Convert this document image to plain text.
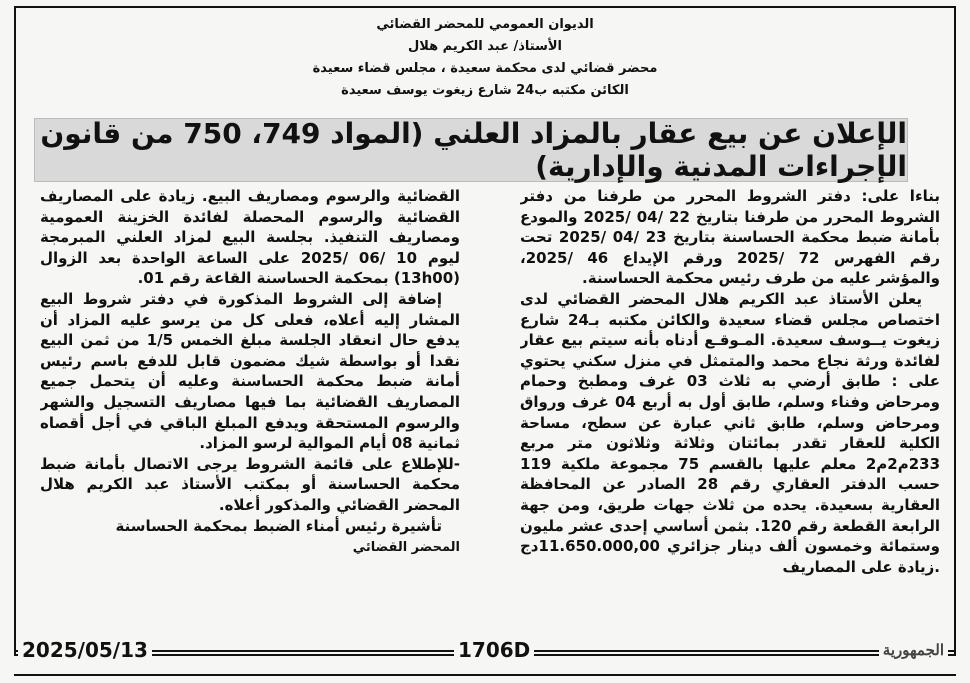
الديوان العمومي للمحضر القضائي
الأستاذ/ عبد الكريم هلال
محضر قضائي لدى محكمة سعيدة ، مجلس قضاء سعيدة
الكائن مكتبه ب24 شارع زيغوت يوسف سعيدة
الإعلان عن بيع عقار بالمزاد العلني (المواد 749، 750 من قانون الإجراءات المدنية والإدارية)

بناءا على: دفتر الشروط المحرر من طرفنا من دفتر الشروط المحرر من طرفنا بتاريخ 22 /04 /2025 والمودع بأمانة ضبط محكمة الحساسنة بتاريخ 23 /04 /2025 تحت رقم الفهرس 72 /2025 ورقم الإيداع 46 /2025، والمؤشر عليه من طرف رئيس محكمة الحساسنة.

يعلن الأستاذ عبد الكريم هلال المحضر القضائي لدى اختصاص مجلس قضاء سعيدة والكائن مكتبه بـ24 شارع زيغوت يــوسف سعيدة. المـوقـع أدناه بأنه سيتم بيع عقار لفائدة ورثة نجاع محمد والمتمثل في منزل سكني يحتوي على : طابق أرضي به ثلاث 03 غرف ومطبخ وحمام ومرحاض وفناء وسلم، طابق أول به أربع 04 غرف ورواق ومرحاض وسلم، طابق ثاني عبارة عن سطح، مساحة الكلية للعقار تقدر بمائتان وثلاثة وثلاثون متر مربع 233م2م2 معلم عليها بالقسم 75 مجموعة ملكية 119 حسب الدفتر العقاري رقم 28 الصادر عن المحافظة العقارية بسعيدة. يحده من ثلاث جهات طريق، ومن جهة الرابعة القطعة رقم 120. بثمن أساسي إحدى عشر مليون وستمائة وخمسون ألف دينار جزائري 11.650.000,00دج .زيادة على المصاريف

القضائية والرسوم ومصاريف البيع. زيادة على المصاريف القضائية والرسوم المحصلة لفائدة الخزينة العمومية ومصاريف التنفيذ. بجلسة البيع لمزاد العلني المبرمجة ليوم 10 /06 /2025 على الساعة الواحدة بعد الزوال (13h00) بمحكمة الحساسنة القاعة رقم 01.

إضافة إلى الشروط المذكورة في دفتر شروط البيع المشار إليه أعلاه، فعلى كل من يرسو عليه المزاد أن يدفع حال انعقاد الجلسة مبلغ الخمس 1/5 من ثمن البيع نقدا أو بواسطة شيك مضمون قابل للدفع باسم رئيس أمانة ضبط محكمة الحساسنة وعليه أن يتحمل جميع المصاريف القضائية بما فيها مصاريف التسجيل والشهر والرسوم المستحقة ويدفع المبلغ الباقي في أجل أقصاه ثمانية 08 أيام الموالية لرسو المزاد.

-للإطلاع على قائمة الشروط يرجى الاتصال بأمانة ضبط محكمة الحساسنة أو بمكتب الأستاذ عبد الكريم هلال المحضر القضائي والمذكور أعلاه.

تأشيرة رئيس أمناء الضبط بمحكمة الحساسنة

المحضر القضائي
2025/05/13	1706D	الجمهورية
